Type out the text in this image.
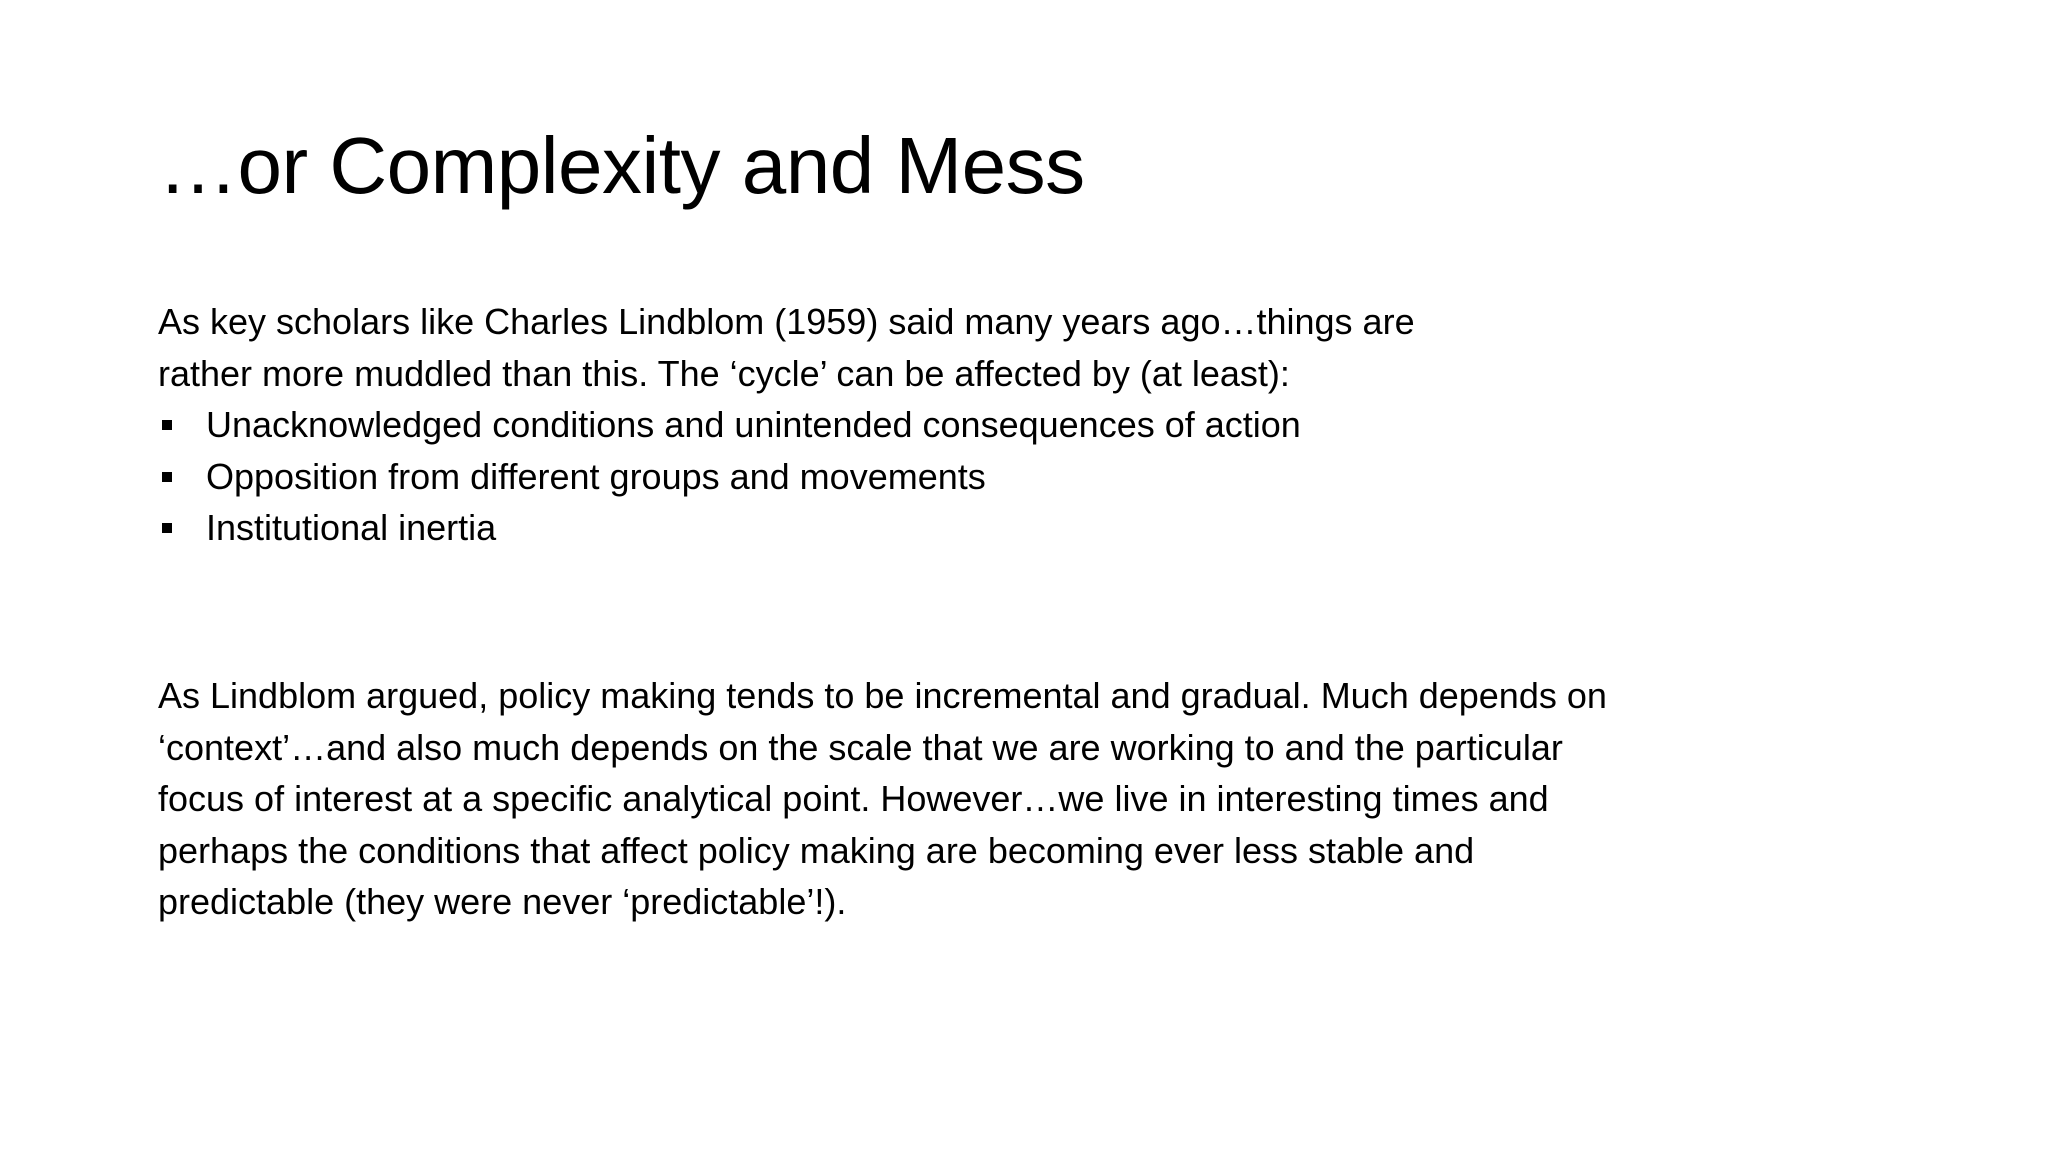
…or Complexity and Mess

As key scholars like Charles Lindblom (1959) said many years ago…things are

rather more muddled than this. The ‘cycle’ can be affected by (at least):

Unacknowledged conditions and unintended consequences of action
Opposition from different groups and movements
Institutional inertia

As Lindblom argued, policy making tends to be incremental and gradual. Much depends on

‘context’…and also much depends on the scale that we are working to and the particular

focus of interest at a specific analytical point. However…we live in interesting times and

perhaps the conditions that affect policy making are becoming ever less stable and

predictable (they were never ‘predictable’!).
